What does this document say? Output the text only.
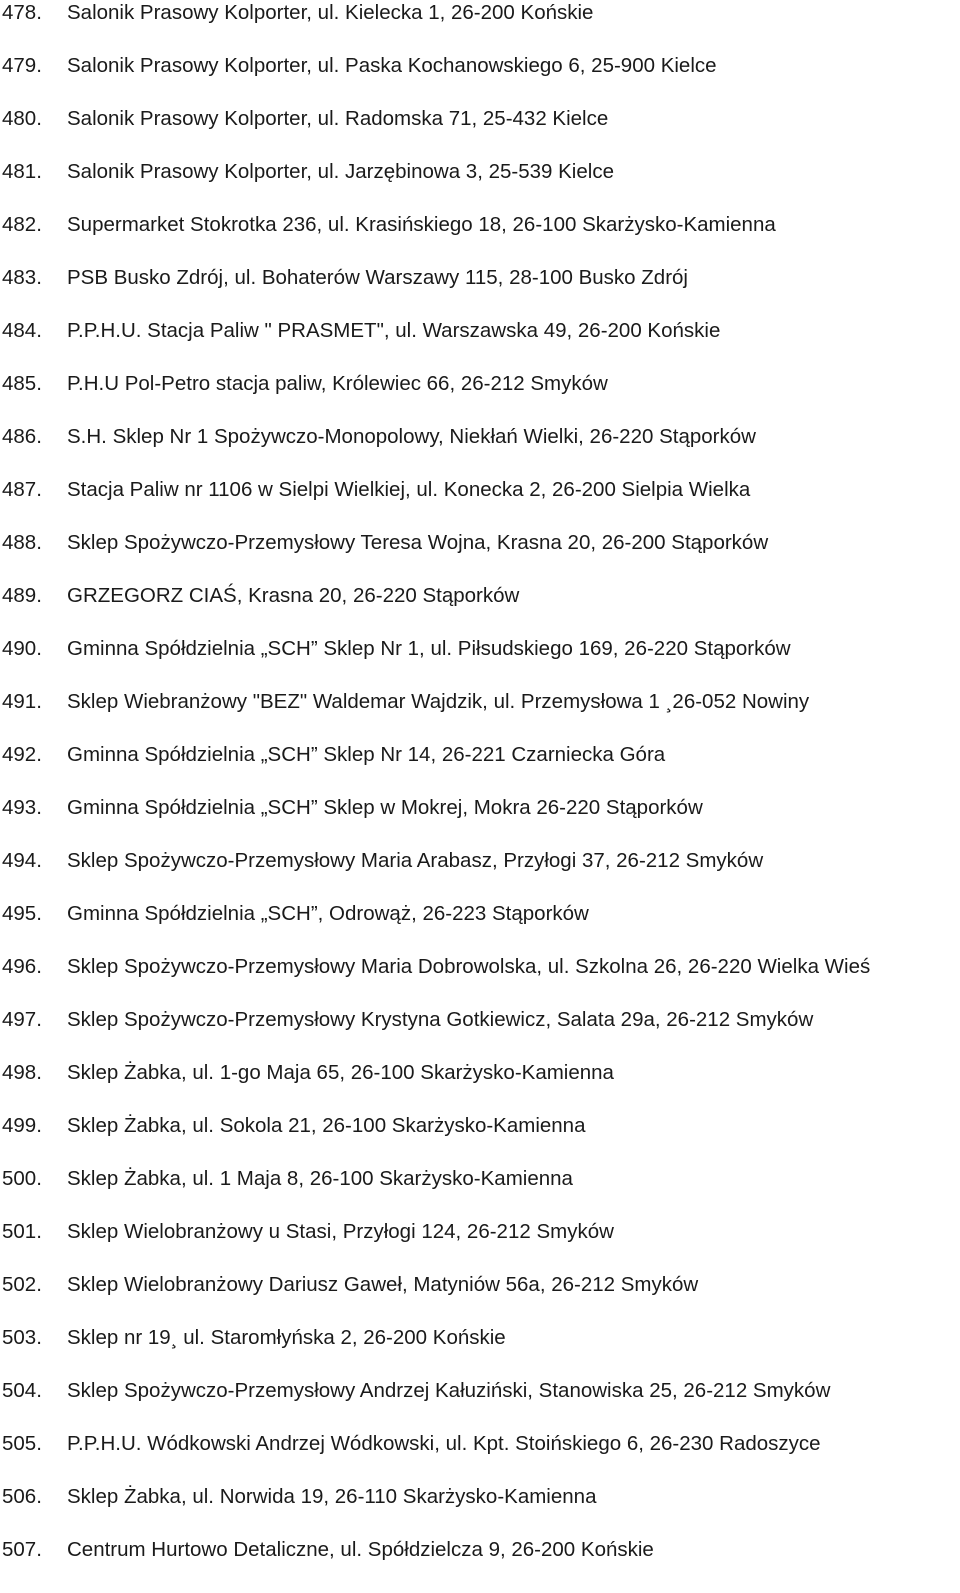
478.	Salonik Prasowy Kolporter, ul. Kielecka 1, 26-200 Końskie
479.	Salonik Prasowy Kolporter, ul. Paska Kochanowskiego 6, 25-900 Kielce
480.	Salonik Prasowy Kolporter, ul. Radomska 71, 25-432 Kielce
481.	Salonik Prasowy Kolporter, ul. Jarzębinowa 3, 25-539 Kielce
482.	Supermarket Stokrotka 236, ul. Krasińskiego 18, 26-100 Skarżysko-Kamienna
483.	PSB Busko Zdrój, ul. Bohaterów Warszawy 115, 28-100 Busko Zdrój
484.	P.P.H.U. Stacja Paliw " PRASMET", ul. Warszawska 49, 26-200 Końskie
485.	P.H.U Pol-Petro stacja paliw, Królewiec 66, 26-212 Smyków
486.	S.H. Sklep Nr 1 Spożywczo-Monopolowy, Niekłań Wielki, 26-220 Stąporków
487.	Stacja Paliw nr 1106 w Sielpi Wielkiej, ul. Konecka 2, 26-200 Sielpia Wielka
488.	Sklep Spożywczo-Przemysłowy Teresa Wojna, Krasna 20, 26-200 Stąporków
489.	GRZEGORZ CIAŚ, Krasna 20, 26-220 Stąporków
490.	Gminna Spółdzielnia „SCH” Sklep Nr 1, ul. Piłsudskiego 169, 26-220 Stąporków
491.	Sklep Wiebranżowy "BEZ" Waldemar Wajdzik, ul. Przemysłowa 1 ¸26-052 Nowiny
492.	Gminna Spółdzielnia „SCH” Sklep Nr 14, 26-221 Czarniecka Góra
493.	Gminna Spółdzielnia „SCH” Sklep w Mokrej, Mokra 26-220 Stąporków
494.	Sklep Spożywczo-Przemysłowy Maria Arabasz, Przyłogi 37, 26-212 Smyków
495.	Gminna Spółdzielnia „SCH”, Odrowąż, 26-223 Stąporków
496.	Sklep Spożywczo-Przemysłowy Maria Dobrowolska, ul. Szkolna 26, 26-220 Wielka Wieś
497.	Sklep Spożywczo-Przemysłowy Krystyna Gotkiewicz, Salata 29a, 26-212 Smyków
498.	Sklep Żabka, ul. 1-go Maja 65, 26-100 Skarżysko-Kamienna
499.	Sklep Żabka, ul. Sokola 21, 26-100 Skarżysko-Kamienna
500.	Sklep Żabka, ul. 1 Maja 8, 26-100 Skarżysko-Kamienna
501.	Sklep Wielobranżowy u Stasi, Przyłogi 124, 26-212 Smyków
502.	Sklep Wielobranżowy Dariusz Gaweł, Matyniów 56a, 26-212 Smyków
503.	Sklep nr 19¸ ul. Staromłyńska 2, 26-200 Końskie
504.	Sklep Spożywczo-Przemysłowy Andrzej Kałuziński, Stanowiska 25, 26-212 Smyków
505.	P.P.H.U. Wódkowski Andrzej Wódkowski, ul. Kpt. Stoińskiego 6, 26-230 Radoszyce
506.	Sklep Żabka, ul. Norwida 19, 26-110 Skarżysko-Kamienna
507.	Centrum Hurtowo Detaliczne, ul. Spółdzielcza 9, 26-200 Końskie
